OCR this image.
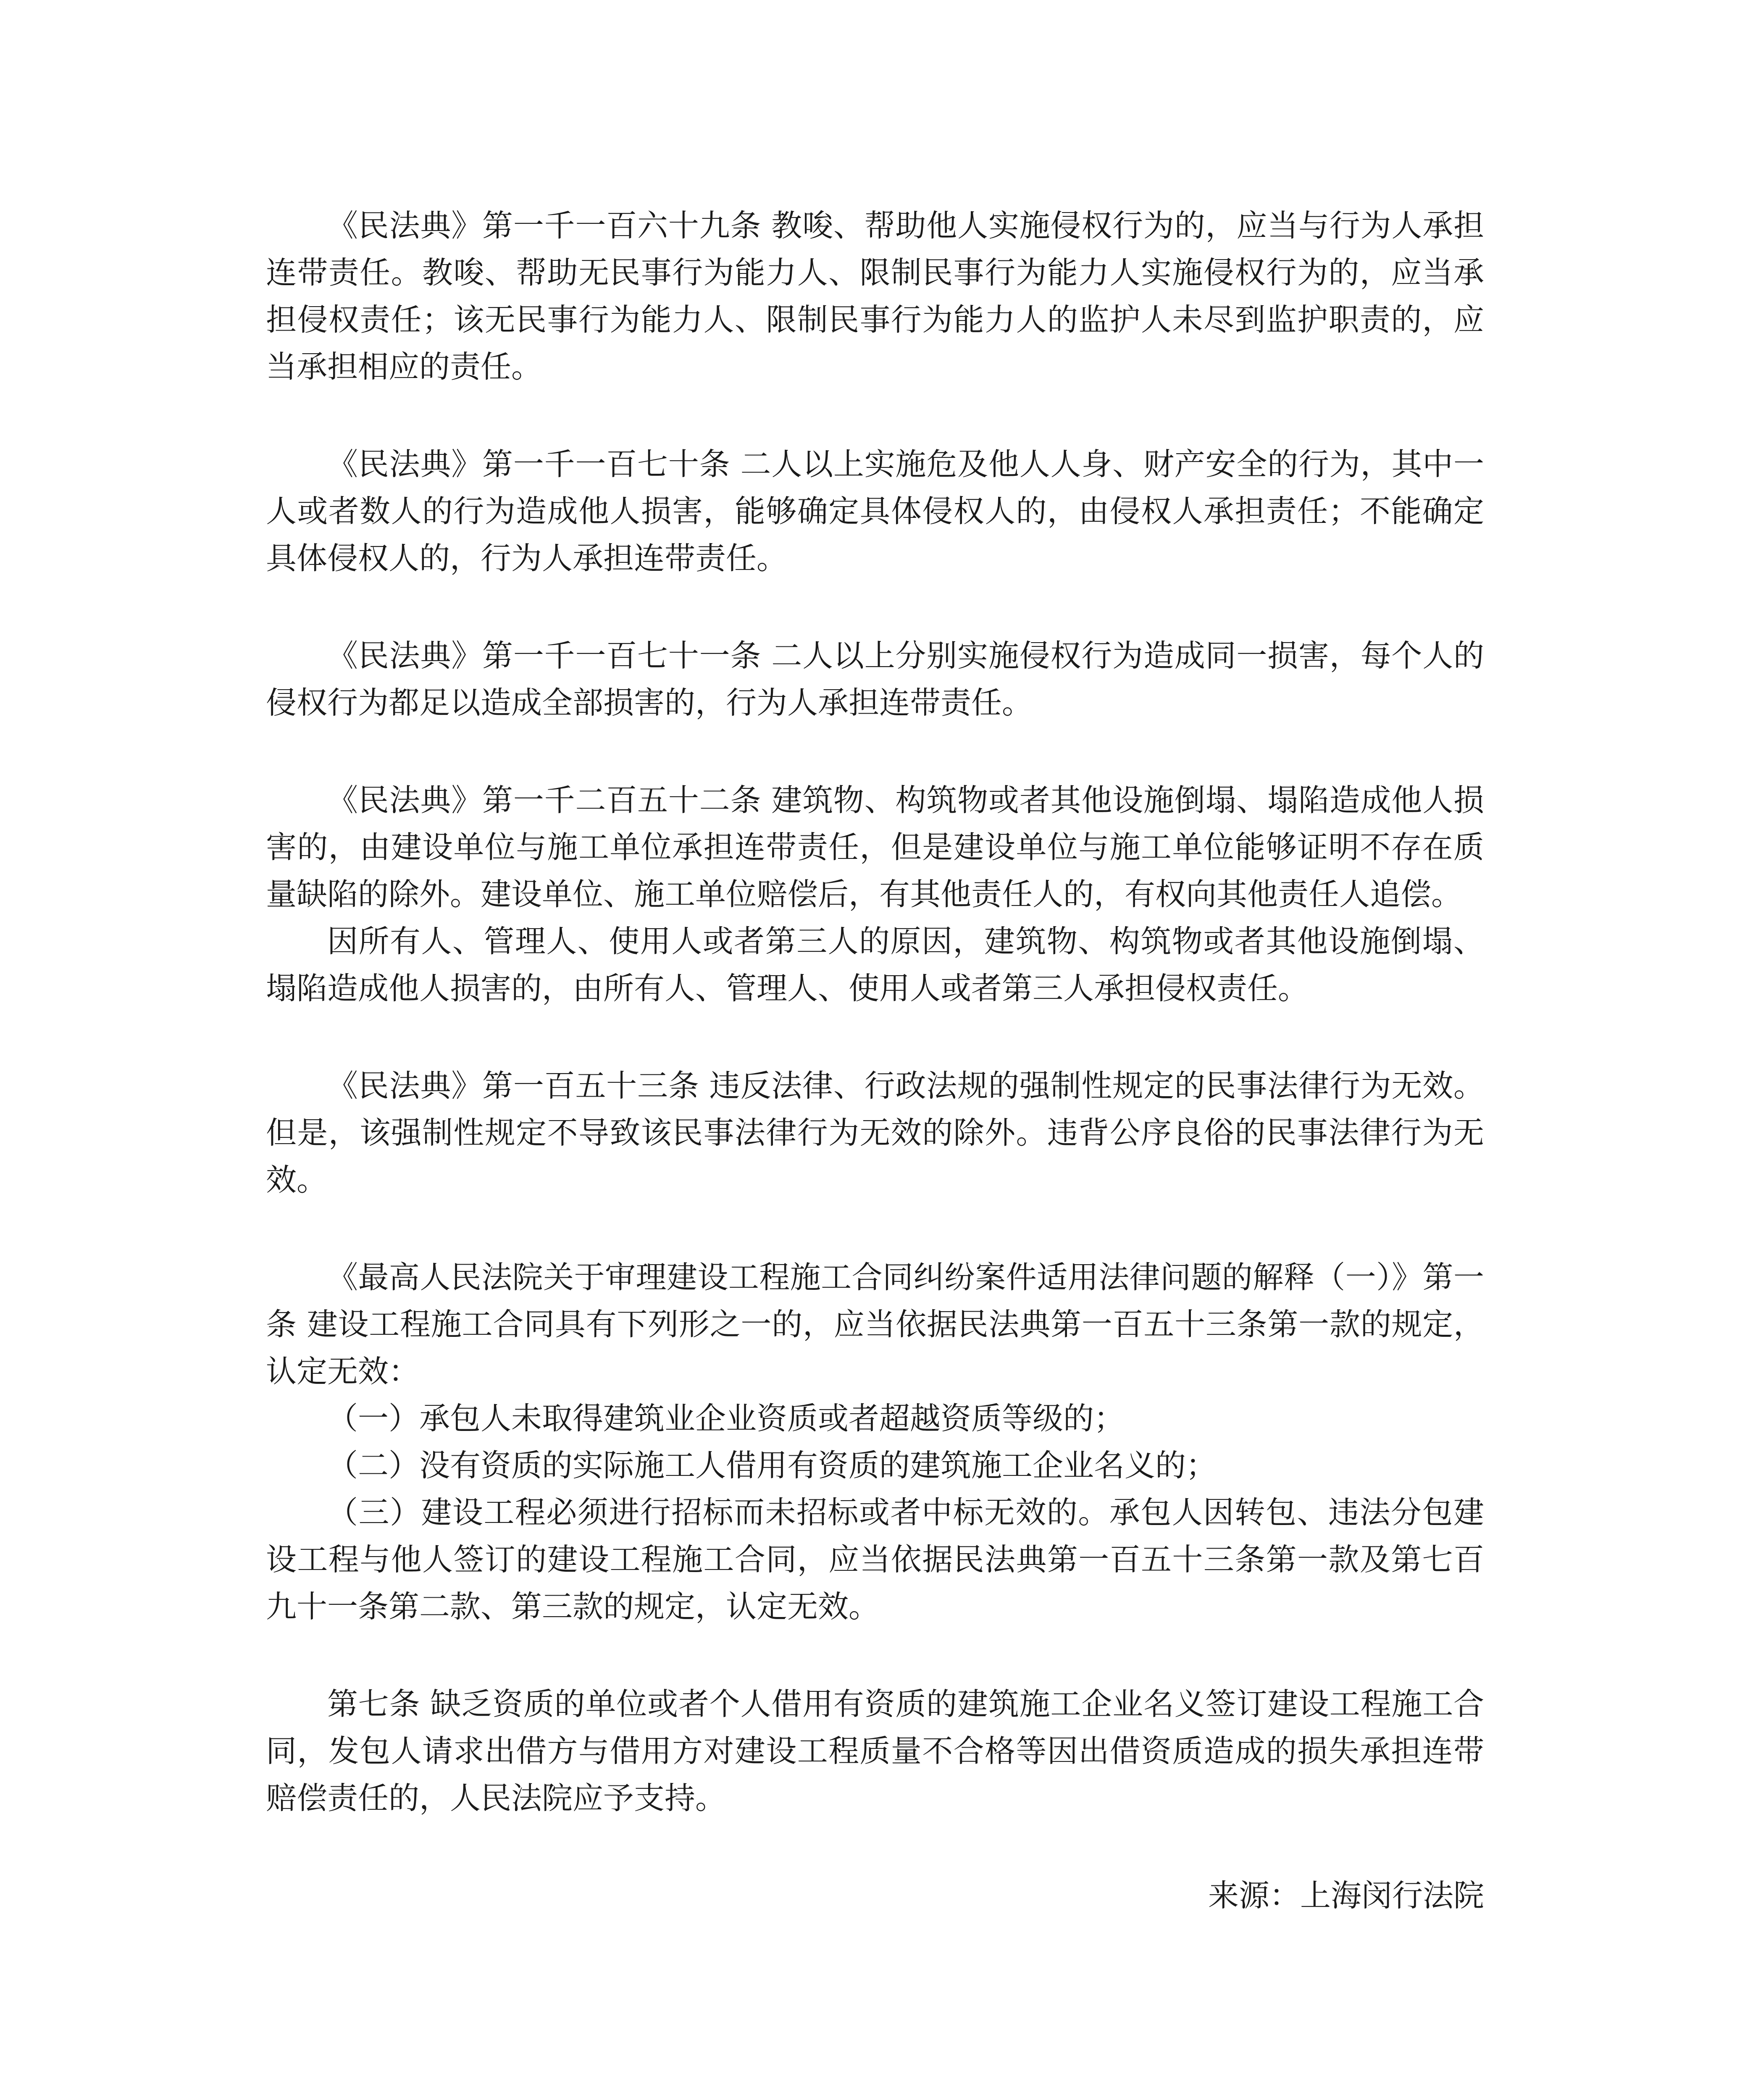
《民法典》第一千一百六十九条 教唆、帮助他人实施侵权行为的，应当与行为人承担连带责任。教唆、帮助无民事行为能力人、限制民事行为能力人实施侵权行为的，应当承担侵权责任；该无民事行为能力人、限制民事行为能力人的监护人未尽到监护职责的，应当承担相应的责任。

《民法典》第一千一百七十条 二人以上实施危及他人人身、财产安全的行为，其中一人或者数人的行为造成他人损害，能够确定具体侵权人的，由侵权人承担责任；不能确定具体侵权人的，行为人承担连带责任。

《民法典》第一千一百七十一条 二人以上分别实施侵权行为造成同一损害，每个人的侵权行为都足以造成全部损害的，行为人承担连带责任。

《民法典》第一千二百五十二条 建筑物、构筑物或者其他设施倒塌、塌陷造成他人损害的，由建设单位与施工单位承担连带责任，但是建设单位与施工单位能够证明不存在质量缺陷的除外。建设单位、施工单位赔偿后，有其他责任人的，有权向其他责任人追偿。

因所有人、管理人、使用人或者第三人的原因，建筑物、构筑物或者其他设施倒塌、塌陷造成他人损害的，由所有人、管理人、使用人或者第三人承担侵权责任。

《民法典》第一百五十三条 违反法律、行政法规的强制性规定的民事法律行为无效。但是，该强制性规定不导致该民事法律行为无效的除外。违背公序良俗的民事法律行为无效。

《最高人民法院关于审理建设工程施工合同纠纷案件适用法律问题的解释（一）》第一条 建设工程施工合同具有下列形之一的，应当依据民法典第一百五十三条第一款的规定，认定无效：

（一）承包人未取得建筑业企业资质或者超越资质等级的；

（二）没有资质的实际施工人借用有资质的建筑施工企业名义的；

（三）建设工程必须进行招标而未招标或者中标无效的。承包人因转包、违法分包建设工程与他人签订的建设工程施工合同，应当依据民法典第一百五十三条第一款及第七百九十一条第二款、第三款的规定，认定无效。

第七条 缺乏资质的单位或者个人借用有资质的建筑施工企业名义签订建设工程施工合同，发包人请求出借方与借用方对建设工程质量不合格等因出借资质造成的损失承担连带赔偿责任的，人民法院应予支持。

来源：上海闵行法院
